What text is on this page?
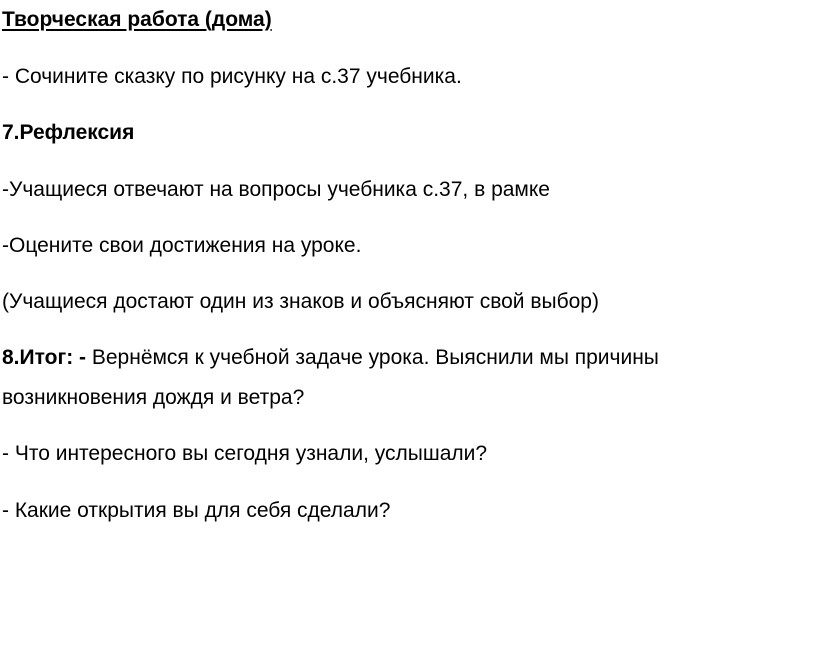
Творческая работа (дома)
- Сочините сказку по рисунку на с.37 учебника.
7.Рефлексия
-Учащиеся отвечают на вопросы учебника с.37, в рамке
-Оцените свои достижения на уроке.
(Учащиеся достают один из знаков и объясняют свой выбор)
8.Итог: - Вернёмся к учебной задаче урока. Выяснили мы причины
возникновения дождя и ветра?
- Что интересного вы сегодня узнали, услышали?
- Какие открытия вы для себя сделали?
